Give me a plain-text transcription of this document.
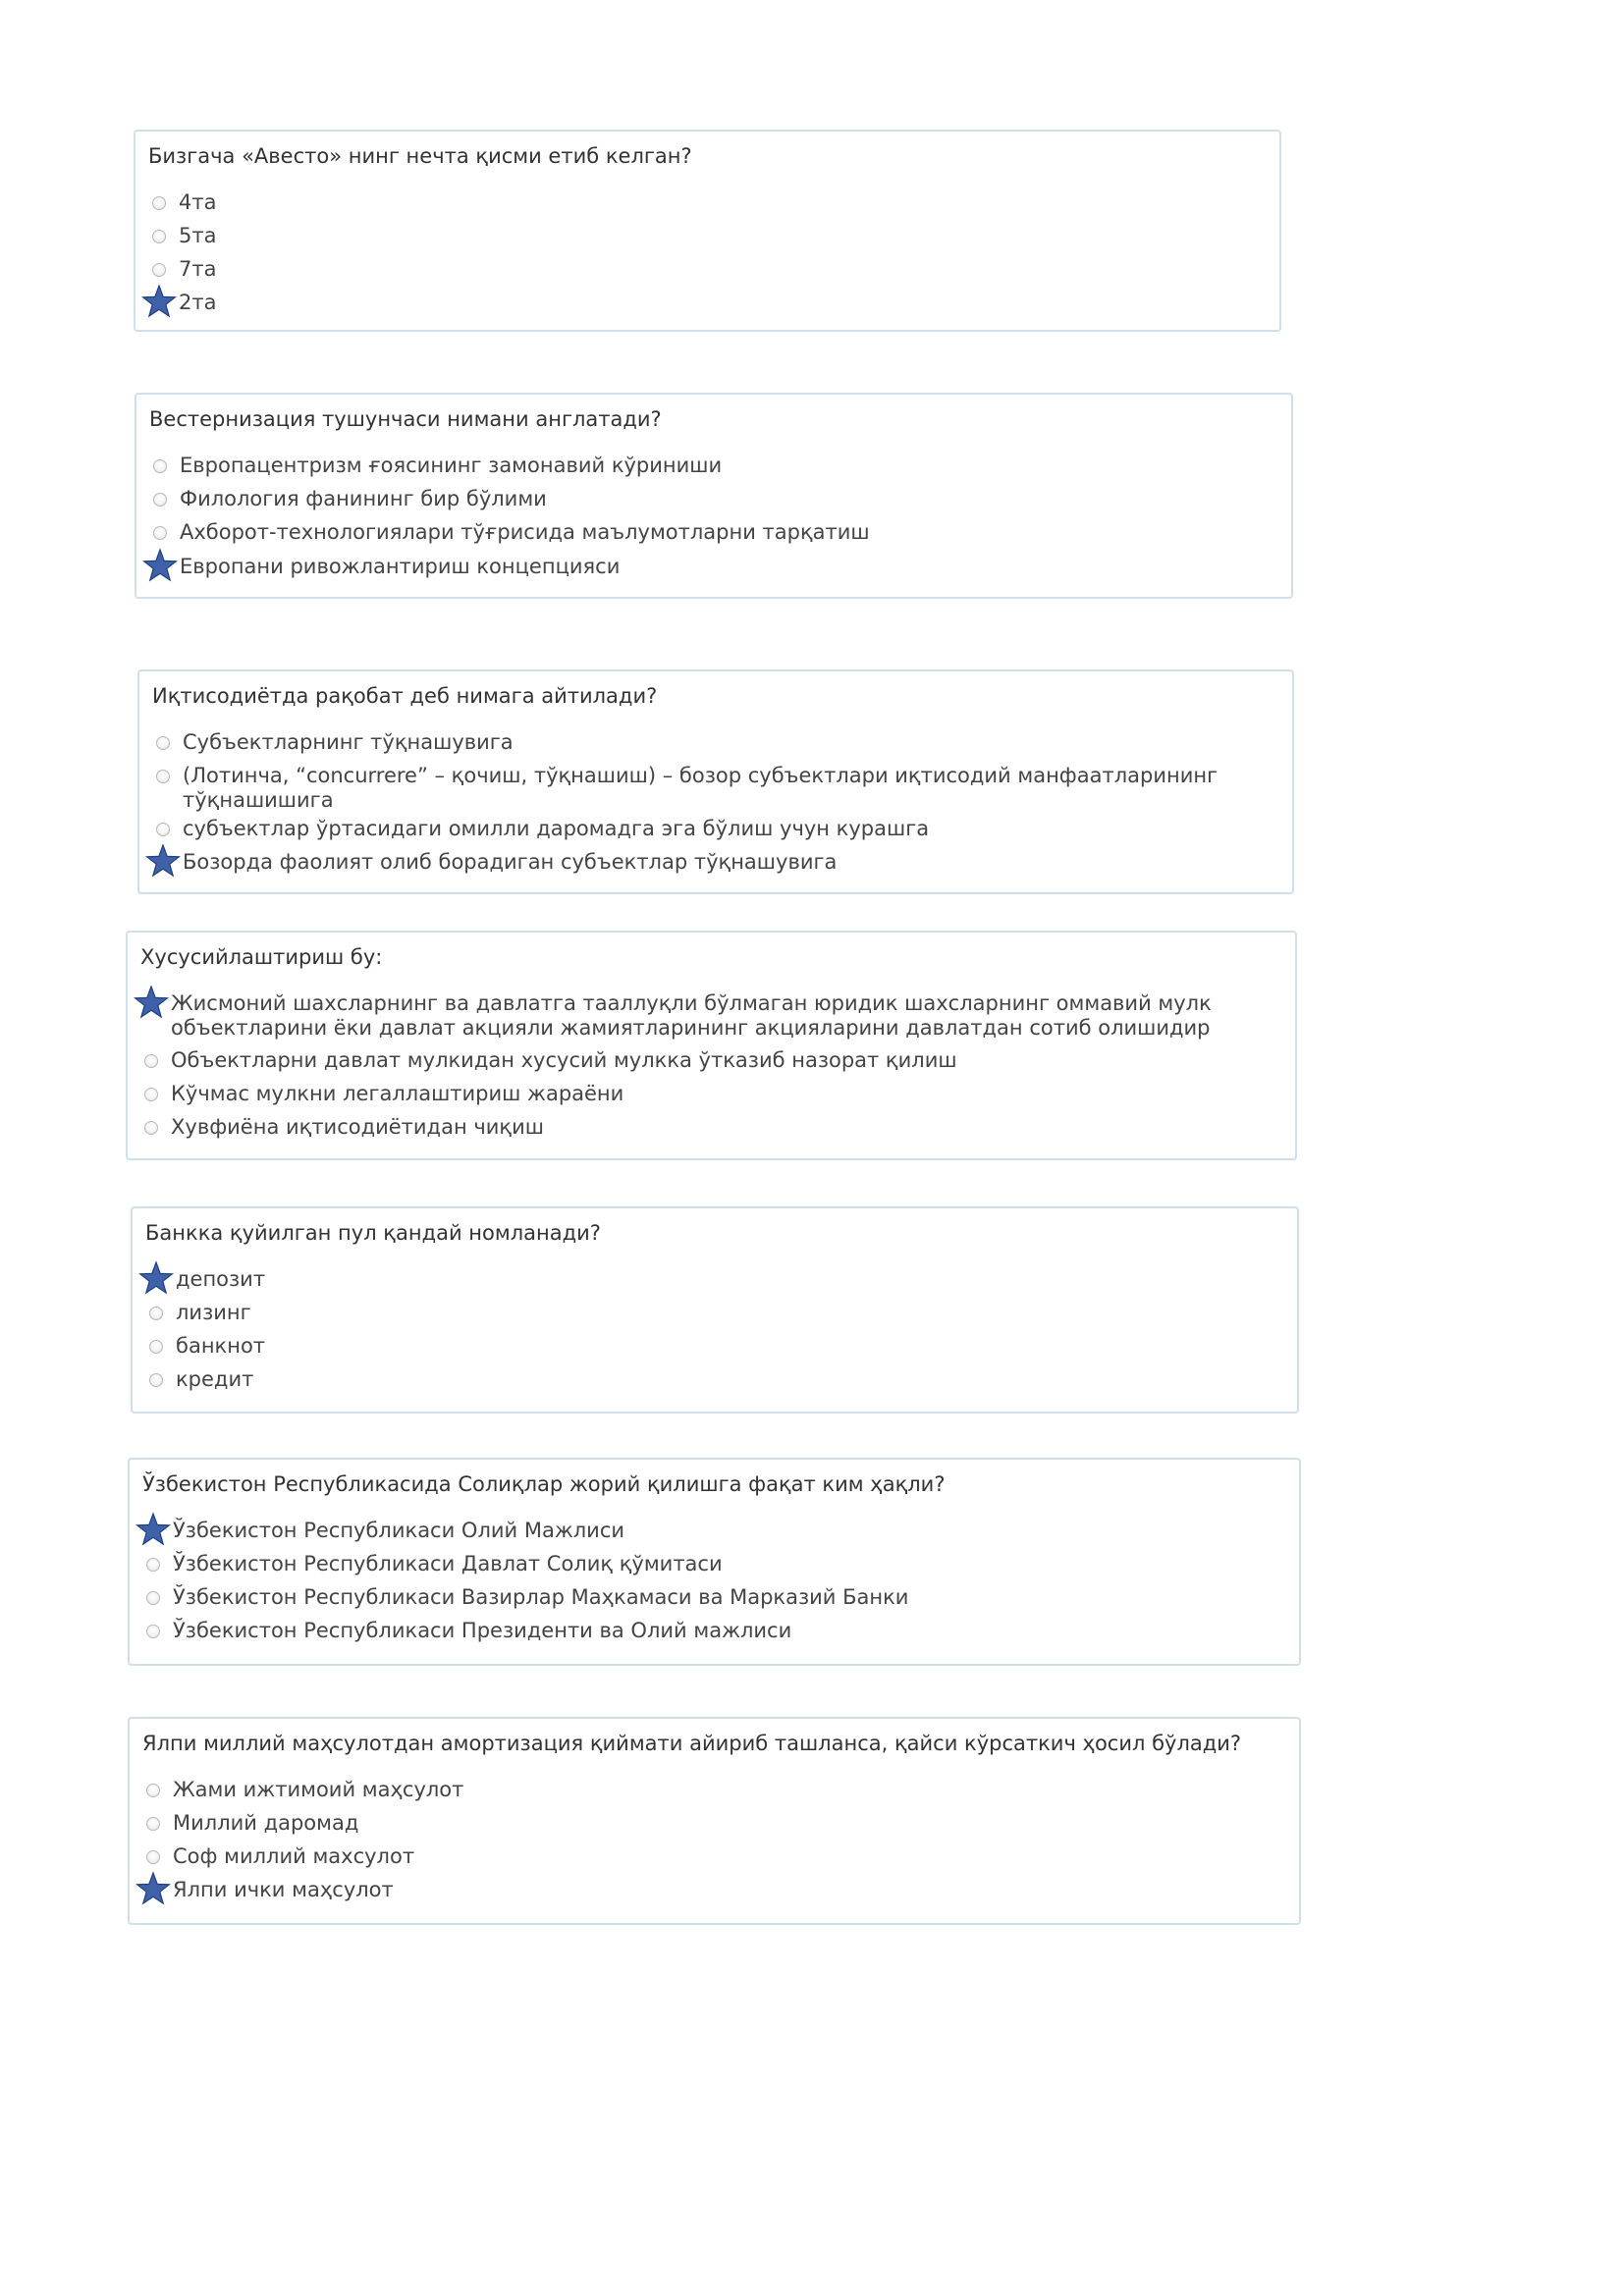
Бизгача «Авесто» нинг нечта қисми етиб келган?
4та
5та
7та
2та
Вестернизация тушунчаси нимани англатади?
Европацентризм ғоясининг замонавий кўриниши
Филология фанининг бир бўлими
Ахборот-технологиялари тўғрисида маълумотларни тарқатиш
Европани ривожлантириш концепцияси
Иқтисодиётда рақобат деб нимага айтилади?
Субъектларнинг тўқнашувига
(Лотинча, “concurrere” – қочиш, тўқнашиш) – бозор субъектлари иқтисодий манфаатларининг тўқнашишига
субъектлар ўртасидаги омилли даромадга эга бўлиш учун курашга
Бозорда фаолият олиб борадиган субъектлар тўқнашувига
Хусусийлаштириш бу:
Жисмоний шахсларнинг ва давлатга тааллуқли бўлмаган юридик шахсларнинг оммавий мулк объектларини ёки давлат акцияли жамиятларининг акцияларини давлатдан сотиб олишидир
Объектларни давлат мулкидан хусусий мулкка ўтказиб назорат қилиш
Кўчмас мулкни легаллаштириш жараёни
Хувфиёна иқтисодиётидан чиқиш
Банкка қуйилган пул қандай номланади?
депозит
лизинг
банкнот
кредит
Ўзбекистон Республикасида Солиқлар жорий қилишга фақат ким ҳақли?
Ўзбекистон Республикаси Олий Мажлиси
Ўзбекистон Республикаси Давлат Солиқ қўмитаси
Ўзбекистон Республикаси Вазирлар Маҳкамаси ва Марказий Банки
Ўзбекистон Республикаси Президенти ва Олий мажлиси
Ялпи миллий маҳсулотдан амортизация қиймати айириб ташланса, қайси кўрсаткич ҳосил бўлади?
Жами ижтимоий маҳсулот
Миллий даромад
Соф миллий махсулот
Ялпи ички маҳсулот
